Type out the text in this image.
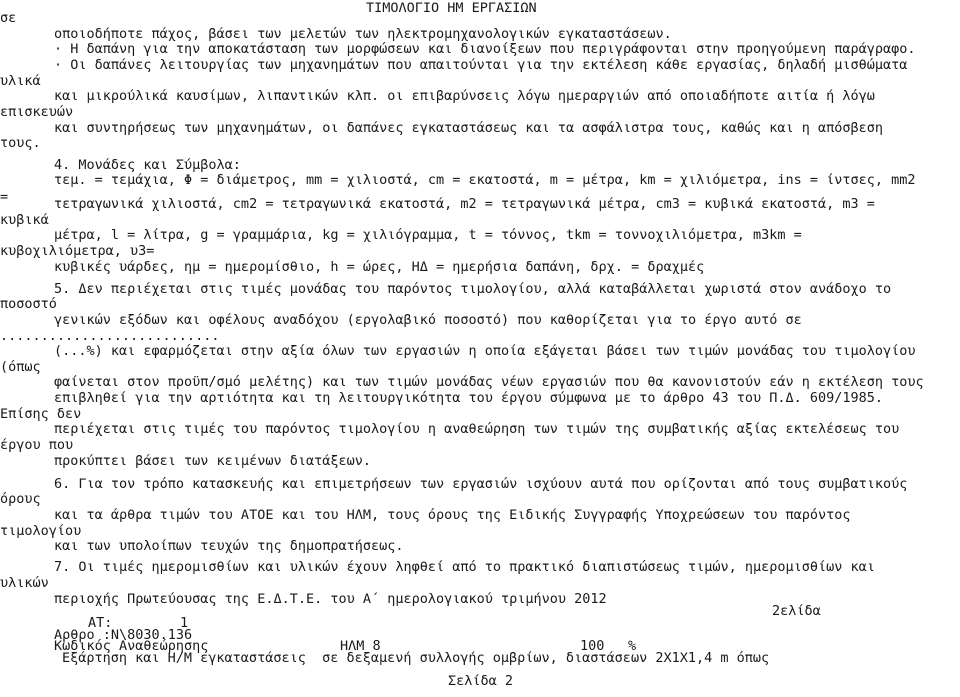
ΤΙΜΟΛΟΓΙΟ ΗΜ ΕΡΓΑΣΙΩΝ
σε
οποιοδήποτε πάχος, βάσει των μελετών των ηλεκτρομηχανολογικών εγκαταστάσεων.
· Η δαπάνη για την αποκατάσταση των μορφώσεων και διανοίξεων που περιγράφονται στην προηγούμενη παράγραφο.
· Οι δαπάνες λειτουργίας των μηχανημάτων που απαιτούνται για την εκτέλεση κάθε εργασίας, δηλαδή μισθώματα
υλικά
και μικρούλικά καυσίμων, λιπαντικών κλπ. οι επιβαρύνσεις λόγω ημεραργιών από οποιαδήποτε αιτία ή λόγω
επισκευών
και συντηρήσεως των μηχανημάτων, οι δαπάνες εγκαταστάσεως και τα ασφάλιστρα τους, καθώς και η απόσβεση
τους.
4. Μονάδες και Σύμβολα:
τεμ. = τεμάχια, Φ = διάμετρος, mm = χιλιοστά, cm = εκατοστά, m = μέτρα, km = χιλιόμετρα, ins = ίντσες, mm2
=	τετραγωνικά χιλιοστά, cm2 = τετραγωνικά εκατοστά, m2 = τετραγωνικά μέτρα, cm3 = κυβικά εκατοστά, m3 =
κυβικά
μέτρα, l = λίτρα, g = γραμμάρια, kg = χιλιόγραμμα, t = τόννος, tkm = τοννοχιλιόμετρα, m3km =
κυβοχιλιόμετρα, υ3=
κυβικές υάρδες, ημ = ημερομίσθιο, h = ώρες, ΗΔ = ημερήσια δαπάνη, δρχ. = δραχμές
5. Δεν περιέχεται στις τιμές μονάδας του παρόντος τιμολογίου, αλλά καταβάλλεται χωριστά στον ανάδοχο το
ποσοστό
γενικών εξόδων και οφέλους αναδόχου (εργολαβικό ποσοστό) που καθορίζεται για το έργο αυτό σε
...........................
(...%) και εφαρμόζεται στην αξία όλων των εργασιών η οποία εξάγεται βάσει των τιμών μονάδας του τιμολογίου
(όπως
φαίνεται στον προϋπ/σμό μελέτης) και των τιμών μονάδας νέων εργασιών που θα κανονιστούν εάν η εκτέλεση τους
επιβληθεί για την αρτιότητα και τη λειτουργικότητα του έργου σύμφωνα με το άρθρο 43 του Π.Δ. 609/1985.
Επίσης δεν
περιέχεται στις τιμές του παρόντος τιμολογίου η αναθεώρηση των τιμών της συμβατικής αξίας εκτελέσεως του
έργου που
προκύπτει βάσει των κειμένων διατάξεων.
6. Για τον τρόπο κατασκευής και επιμετρήσεων των εργασιών ισχύουν αυτά που ορίζονται από τους συμβατικούς
όρους
και τα άρθρα τιμών του ΑΤΟΕ και του ΗΛΜ, τους όρους της Ειδικής Συγγραφής Υποχρεώσεων του παρόντος
τιμολογίου
και των υπολοίπων τευχών της δημοπρατήσεως.
7. Οι τιμές ημερομισθίων και υλικών έχουν ληφθεί από το πρακτικό διαπιστώσεως τιμών, ημερομισθίων και
υλικών
περιοχής Πρωτεύουσας της Ε.Δ.Τ.Ε. του Α΄ ημερολογιακού τριμήνου 2012
2ελίδα
AT:	1
Αρθρο :Ν\8030.136
Κωδικός Αναθεώρησης	ΗΛΜ 8	100 %
Εξάρτηση και Η/Μ εγκαταστάσεις  σε δεξαμενή συλλογής ομβρίων, διαστάσεων 2Χ1Χ1,4 m όπως
Σελίδα 2
